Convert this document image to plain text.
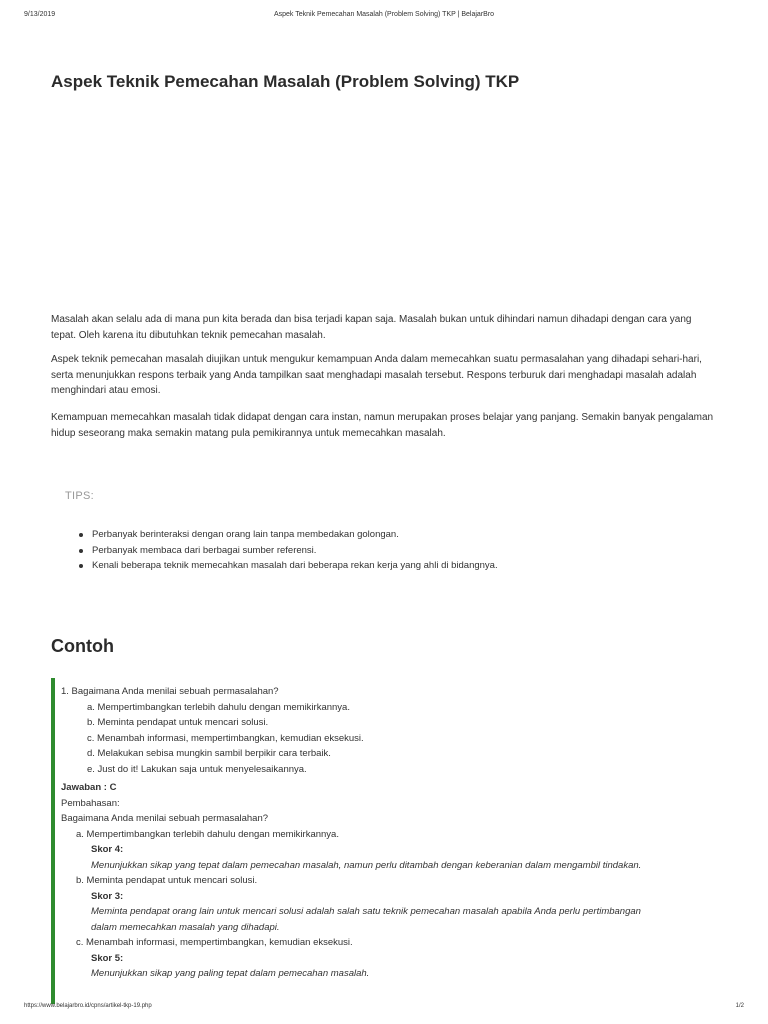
9/13/2019	Aspek Teknik Pemecahan Masalah (Problem Solving) TKP | BelajarBro
Aspek Teknik Pemecahan Masalah (Problem Solving) TKP

Masalah akan selalu ada di mana pun kita berada dan bisa terjadi kapan saja. Masalah bukan untuk dihindari namun dihadapi dengan cara yang tepat. Oleh karena itu dibutuhkan teknik pemecahan masalah.

Aspek teknik pemecahan masalah diujikan untuk mengukur kemampuan Anda dalam memecahkan suatu permasalahan yang dihadapi sehari-hari, serta menunjukkan respons terbaik yang Anda tampilkan saat menghadapi masalah tersebut. Respons terburuk dari menghadapi masalah adalah menghindari atau emosi.

Kemampuan memecahkan masalah tidak didapat dengan cara instan, namun merupakan proses belajar yang panjang. Semakin banyak pengalaman hidup seseorang maka semakin matang pula pemikirannya untuk memecahkan masalah.

TIPS:
Perbanyak berinteraksi dengan orang lain tanpa membedakan golongan.
Perbanyak membaca dari berbagai sumber referensi.
Kenali beberapa teknik memecahkan masalah dari beberapa rekan kerja yang ahli di bidangnya.
Contoh
1. Bagaimana Anda menilai sebuah permasalahan?
a. Mempertimbangkan terlebih dahulu dengan memikirkannya.
b. Meminta pendapat untuk mencari solusi.
c. Menambah informasi, mempertimbangkan, kemudian eksekusi.
d. Melakukan sebisa mungkin sambil berpikir cara terbaik.
e. Just do it! Lakukan saja untuk menyelesaikannya.
Jawaban : C
Pembahasan:
Bagaimana Anda menilai sebuah permasalahan?
a. Mempertimbangkan terlebih dahulu dengan memikirkannya.
Skor 4:
Menunjukkan sikap yang tepat dalam pemecahan masalah, namun perlu ditambah dengan keberanian dalam mengambil tindakan.
b. Meminta pendapat untuk mencari solusi.
Skor 3:
Meminta pendapat orang lain untuk mencari solusi adalah salah satu teknik pemecahan masalah apabila Anda perlu pertimbangan
dalam memecahkan masalah yang dihadapi.
c. Menambah informasi, mempertimbangkan, kemudian eksekusi.
Skor 5:
Menunjukkan sikap yang paling tepat dalam pemecahan masalah.
https://www.belajarbro.id/cpns/artikel-tkp-19.php	1/2
